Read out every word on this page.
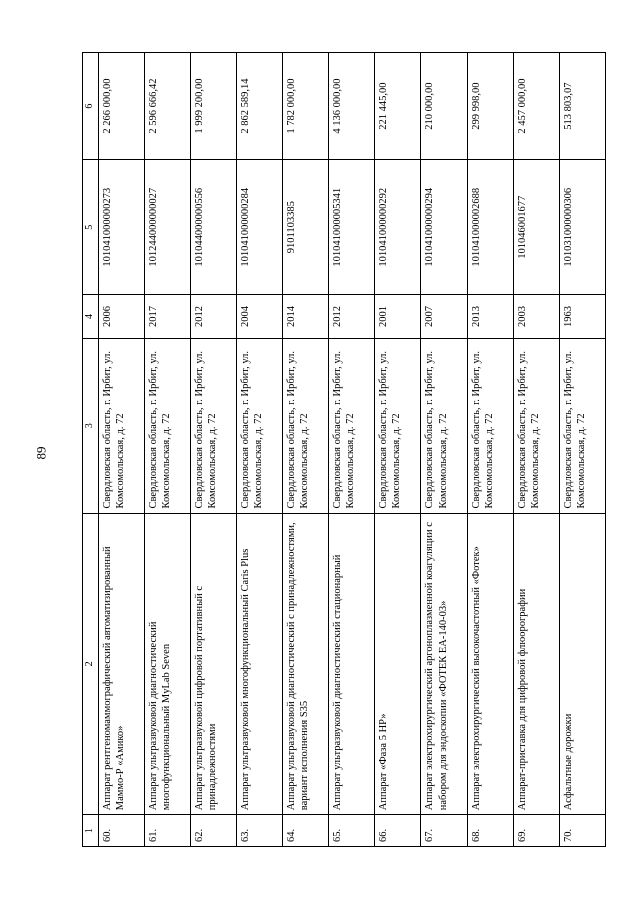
89
1	2	3	4	5	6
60.	Аппарат рентгеномаммографический автоматизированный Маммо-Р «Амико»	Свердловская область, г. Ирбит, ул. Комсомольская, д. 72	2006	101041000000273	2 266 000,00
61.	Аппарат ультразвуковой диагностический многофункциональный MyLab Seven	Свердловская область, г. Ирбит, ул. Комсомольская, д. 72	2017	101244000000027	2 596 666,42
62.	Аппарат ультразвуковой цифровой портативный с принадлежностями	Свердловская область, г. Ирбит, ул. Комсомольская, д. 72	2012	101044000000556	1 999 200,00
63.	Аппарат ультразвуковой многофункциональный Caris Plus	Свердловская область, г. Ирбит, ул. Комсомольская, д. 72	2004	101041000000284	2 862 589,14
64.	Аппарат ультразвуковой диагностический с принадлежностями, вариант исполнения S35	Свердловская область, г. Ирбит, ул. Комсомольская, д. 72	2014	9101103385	1 782 000,00
65.	Аппарат ультразвуковой диагностический стационарный	Свердловская область, г. Ирбит, ул. Комсомольская, д. 72	2012	101041000005341	4 136 000,00
66.	Аппарат «Фаза 5 НР»	Свердловская область, г. Ирбит, ул. Комсомольская, д. 72	2001	101041000000292	221 445,00
67.	Аппарат электрохирургический аргоноплазменной коагуляции с набором для эндоскопии «ФОТЕК ЕА-140-03»	Свердловская область, г. Ирбит, ул. Комсомольская, д. 72	2007	101041000000294	210 000,00
68.	Аппарат электрохирургический высокочастотный «Фотек»	Свердловская область, г. Ирбит, ул. Комсомольская, д. 72	2013	101041000002688	299 998,00
69.	Аппарат-приставка для цифровой флюорографии	Свердловская область, г. Ирбит, ул. Комсомольская, д. 72	2003	101046001677	2 457 000,00
70.	Асфальтные дорожки	Свердловская область, г. Ирбит, ул. Комсомольская, д. 72	1963	101031000000306	513 803,07
